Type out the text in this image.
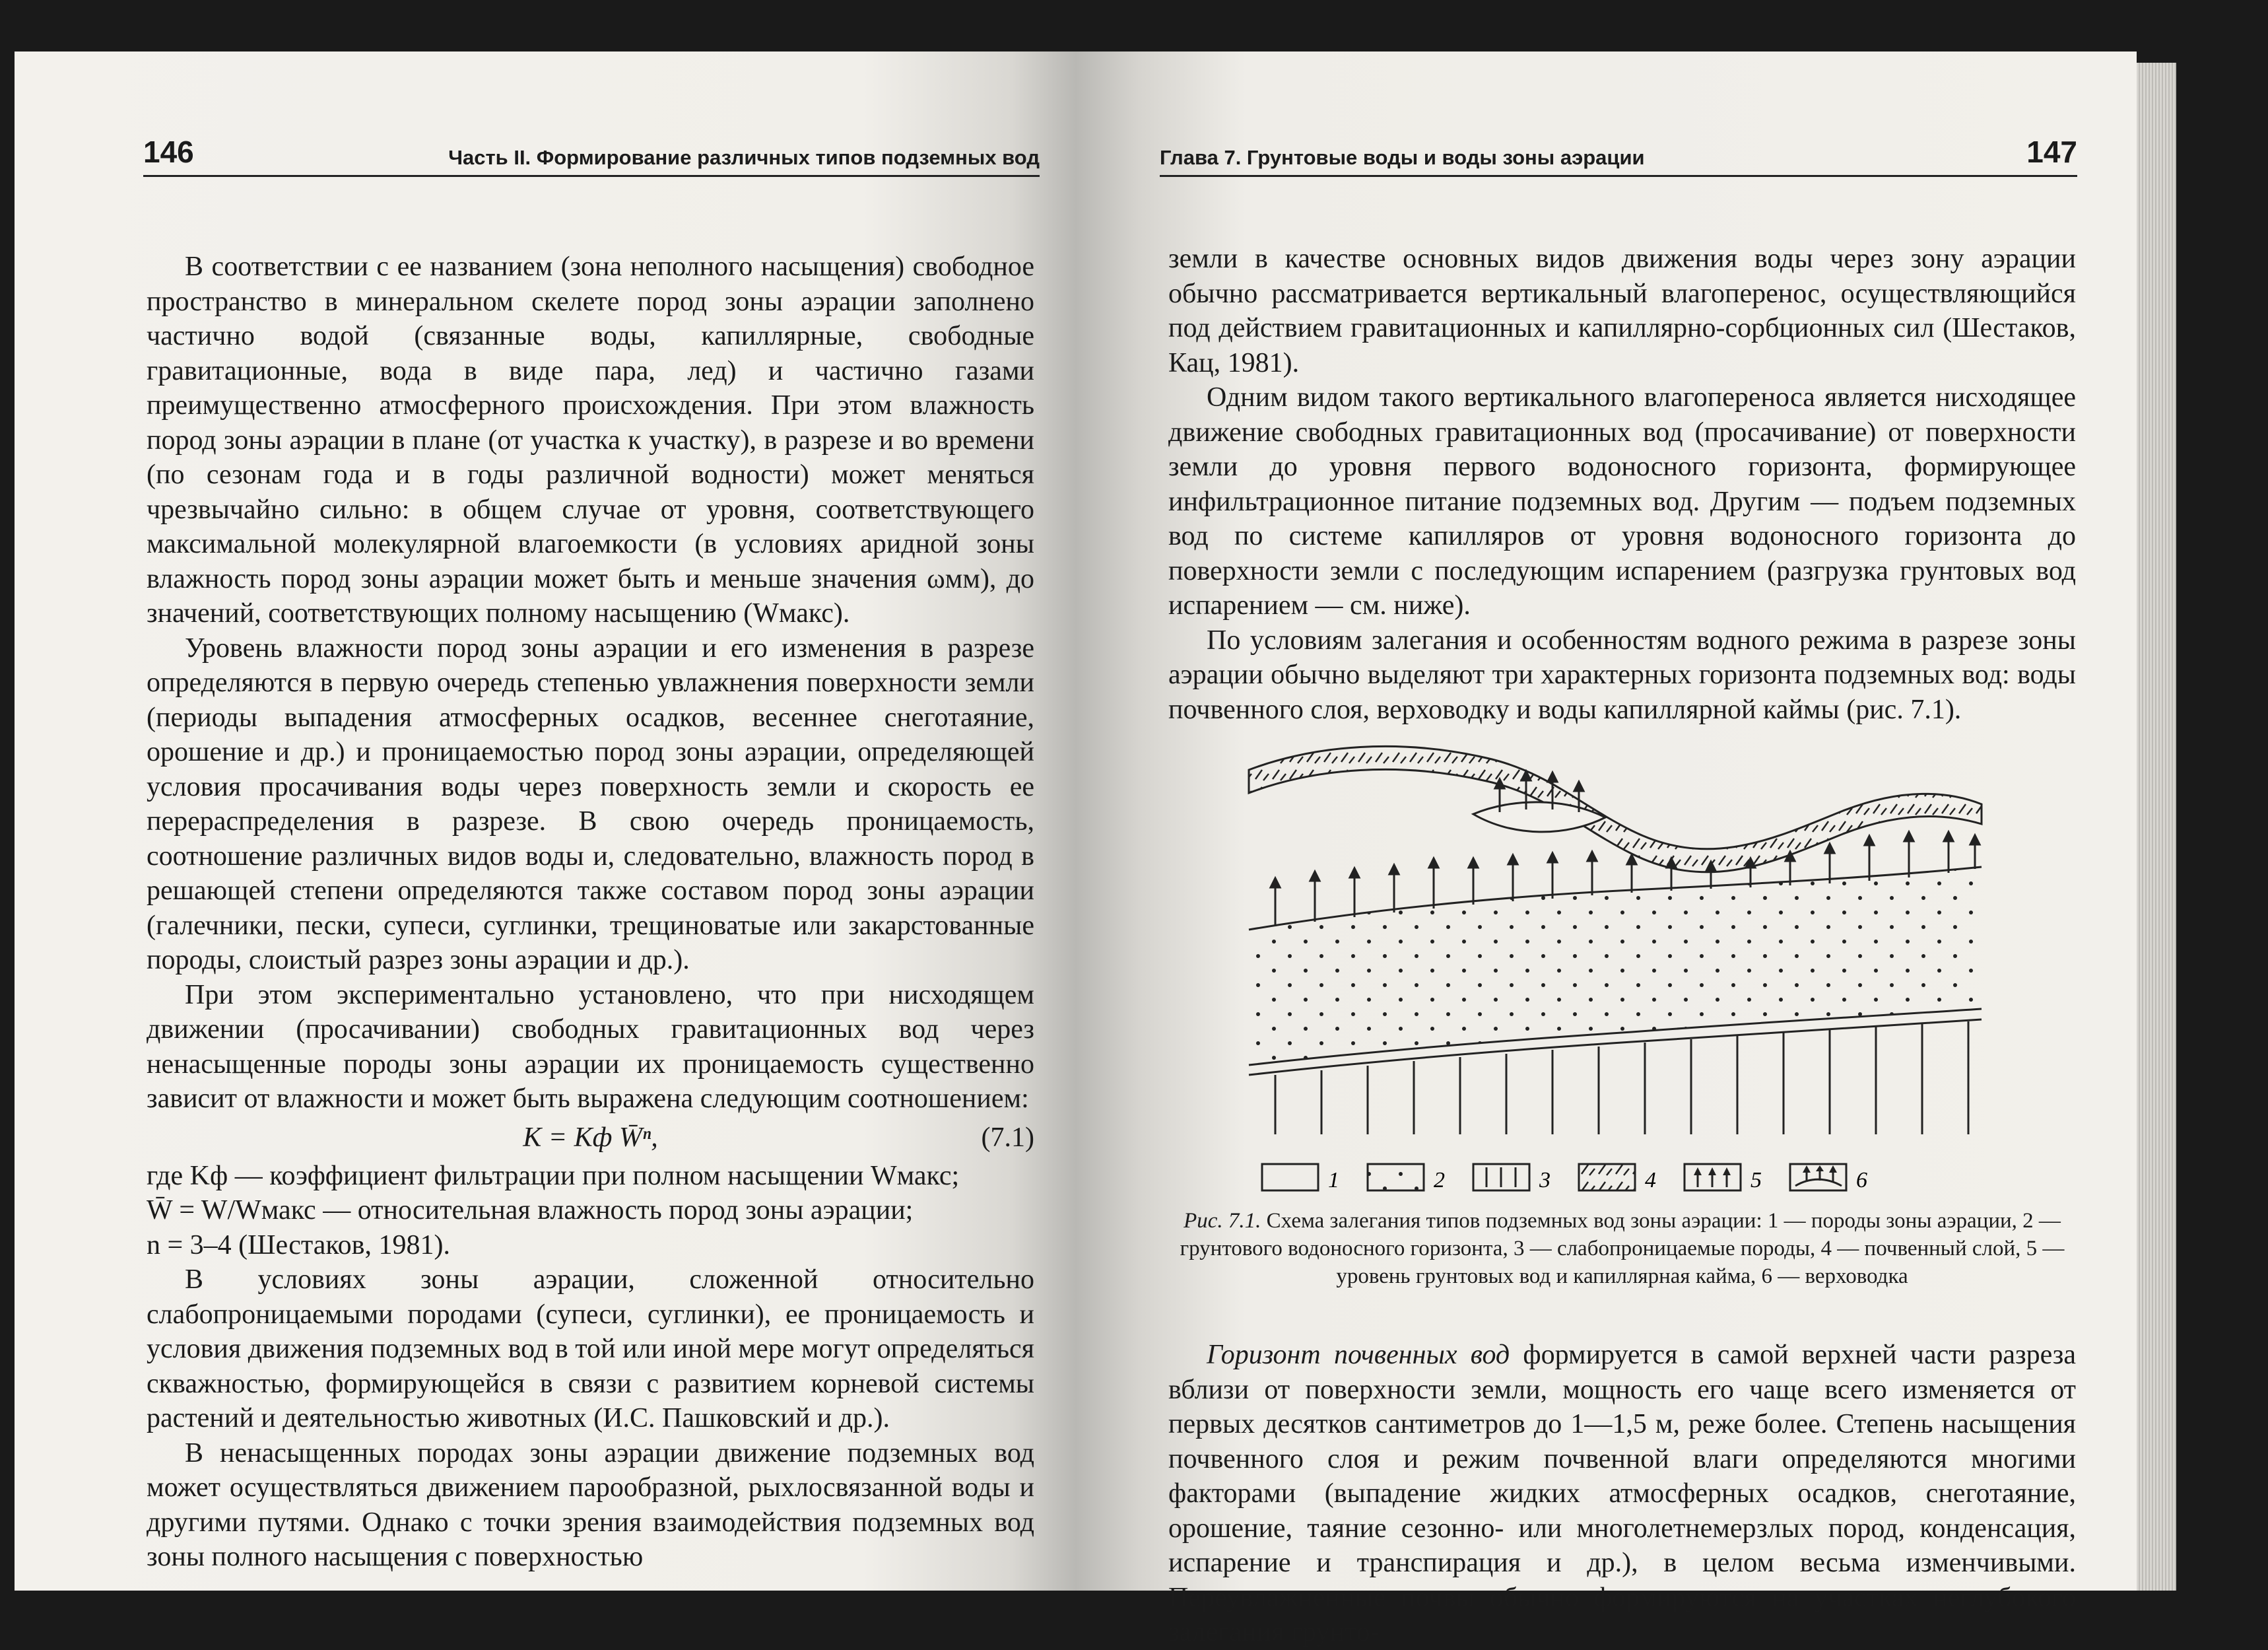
146	Часть II. Формирование различных типов подземных вод

В соответствии с ее названием (зона неполного насыщения) свободное пространство в минеральном скелете пород зоны аэрации заполнено частично водой (связанные воды, капиллярные, свободные гравитационные, вода в виде пара, лед) и частично газами преимущественно атмосферного происхождения. При этом влажность пород зоны аэрации в плане (от участка к участку), в разрезе и во времени (по сезонам года и в годы различной водности) может меняться чрезвычайно сильно: в общем случае от уровня, соответствующего максимальной молекулярной влагоемкости (в условиях аридной зоны влажность пород зоны аэрации может быть и меньше значения ωмм), до значений, соответствующих полному насыщению (Wмакс).

Уровень влажности пород зоны аэрации и его изменения в разрезе определяются в первую очередь степенью увлажнения поверхности земли (периоды выпадения атмосферных осадков, весеннее снеготаяние, орошение и др.) и проницаемостью пород зоны аэрации, определяющей условия просачивания воды через поверхность земли и скорость ее перераспределения в разрезе. В свою очередь проницаемость, соотношение различных видов воды и, следовательно, влажность пород в решающей степени определяются также составом пород зоны аэрации (галечники, пески, супеси, суглинки, трещиноватые или закарстованные породы, слоистый разрез зоны аэрации и др.).

При этом экспериментально установлено, что при нисходящем движении (просачивании) свободных гравитационных вод через ненасыщенные породы зоны аэрации их проницаемость существенно зависит от влажности и может быть выражена следующим соотношением:

K = Kф W̄ⁿ,	(7.1)

где Kф — коэффициент фильтрации при полном насыщении Wмакс;

W̄ = W/Wмакс — относительная влажность пород зоны аэрации;

n = 3–4 (Шестаков, 1981).

В условиях зоны аэрации, сложенной относительно слабопроницаемыми породами (супеси, суглинки), ее проницаемость и условия движения подземных вод в той или иной мере могут определяться скважностью, формирующейся в связи с развитием корневой системы растений и деятельностью животных (И.С. Пашковский и др.).

В ненасыщенных породах зоны аэрации движение подземных вод может осуществляться движением парообразной, рыхлосвязанной воды и другими путями. Однако с точки зрения взаимодействия подземных вод зоны полного насыщения с поверхностью

Глава 7. Грунтовые воды и воды зоны аэрации	147

земли в качестве основных видов движения воды через зону аэрации обычно рассматривается вертикальный влагоперенос, осуществляющийся под действием гравитационных и капиллярно-сорбционных сил (Шестаков, Кац, 1981).

Одним видом такого вертикального влагопереноса является нисходящее движение свободных гравитационных вод (просачивание) от поверхности земли до уровня первого водоносного горизонта, формирующее инфильтрационное питание подземных вод. Другим — подъем подземных вод по системе капилляров от уровня водоносного горизонта до поверхности земли с последующим испарением (разгрузка грунтовых вод испарением — см. ниже).

По условиям залегания и особенностям водного режима в разрезе зоны аэрации обычно выделяют три характерных горизонта подземных вод: воды почвенного слоя, верховодку и воды капиллярной каймы (рис. 7.1).

1	2	3	4	5	6
Рис. 7.1. Схема залегания типов подземных вод зоны аэрации: 1 — породы зоны аэрации, 2 — грунтового водоносного горизонта, 3 — слабопроницаемые породы, 4 — почвенный слой, 5 — уровень грунтовых вод и капиллярная кайма, 6 — верховодка

Горизонт почвенных вод формируется в самой верхней части разреза вблизи от поверхности земли, мощность его чаще всего изменяется от первых десятков сантиметров до 1—1,5 м, реже более. Степень насыщения почвенного слоя и режим почвенной влаги определяются многими факторами (выпадение жидких атмосферных осадков, снеготаяние, орошение, таяние сезонно- или многолетнемерзлых пород, конденсация, испарение и транспирация и др.), в целом весьма изменчивыми. Переувлажненные почвы обычно формируются на участках неглубокого залегания грунто-
